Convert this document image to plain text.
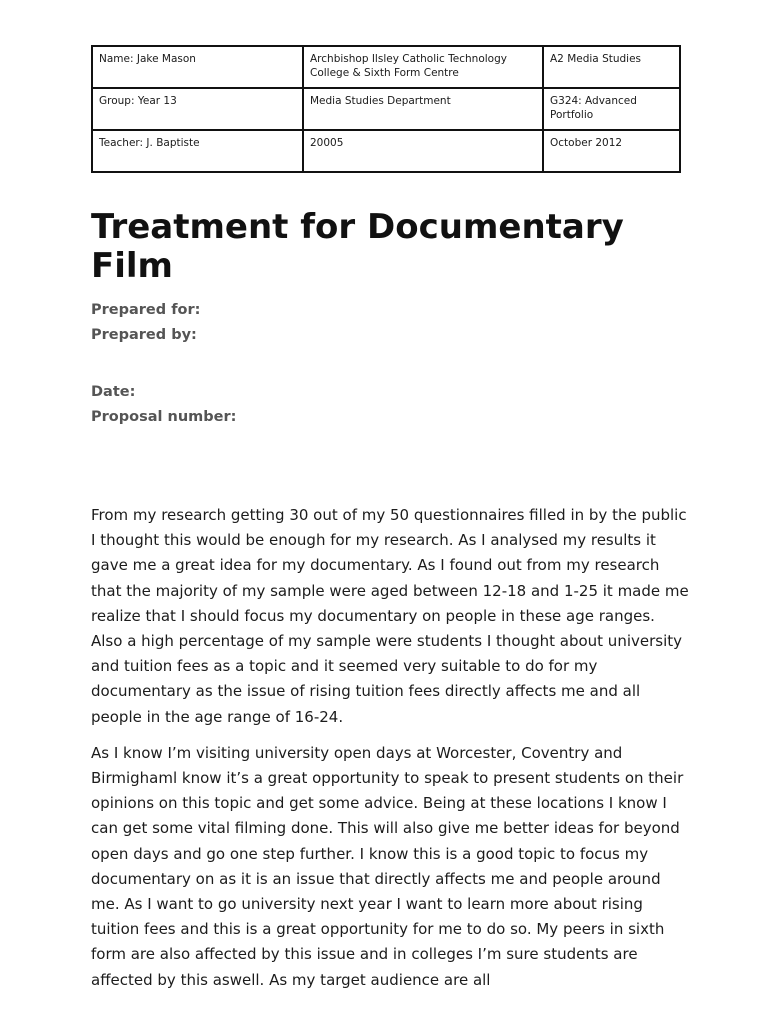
Name: Jake Mason	Archbishop Ilsley Catholic Technology College & Sixth Form Centre	A2 Media Studies
Group: Year 13	Media Studies Department	G324: Advanced Portfolio
Teacher: J. Baptiste	20005	October 2012
Treatment for Documentary Film

Prepared for:

Prepared by:

Date:

Proposal number:

From my research getting 30 out of my 50 questionnaires filled in by the public I thought this would be enough for my research. As I analysed my results it gave me a great idea for my documentary. As I found out from my research that the majority of my sample were aged between 12-18 and 1-25 it made me realize that I should focus my documentary on people in these age ranges. Also a high percentage of my sample were students I thought about university and tuition fees as a topic and it seemed very suitable to do for my documentary as the issue of rising tuition fees directly affects me and all people in the age range of 16-24.

As I know I’m visiting university open days at Worcester, Coventry and Birmighaml know it’s a great opportunity to speak to present students on their opinions on this topic and get some advice. Being at these locations I know I can get some vital filming done. This will also give me better ideas for beyond open days and go one step further. I know this is a good topic to focus my documentary on as it is an issue that directly affects me and people around me. As I want to go university next year I want to learn more about rising tuition fees and this is a great opportunity for me to do so. My peers in sixth form are also affected by this issue and in colleges I’m sure students are affected by this aswell. As my target audience are all
